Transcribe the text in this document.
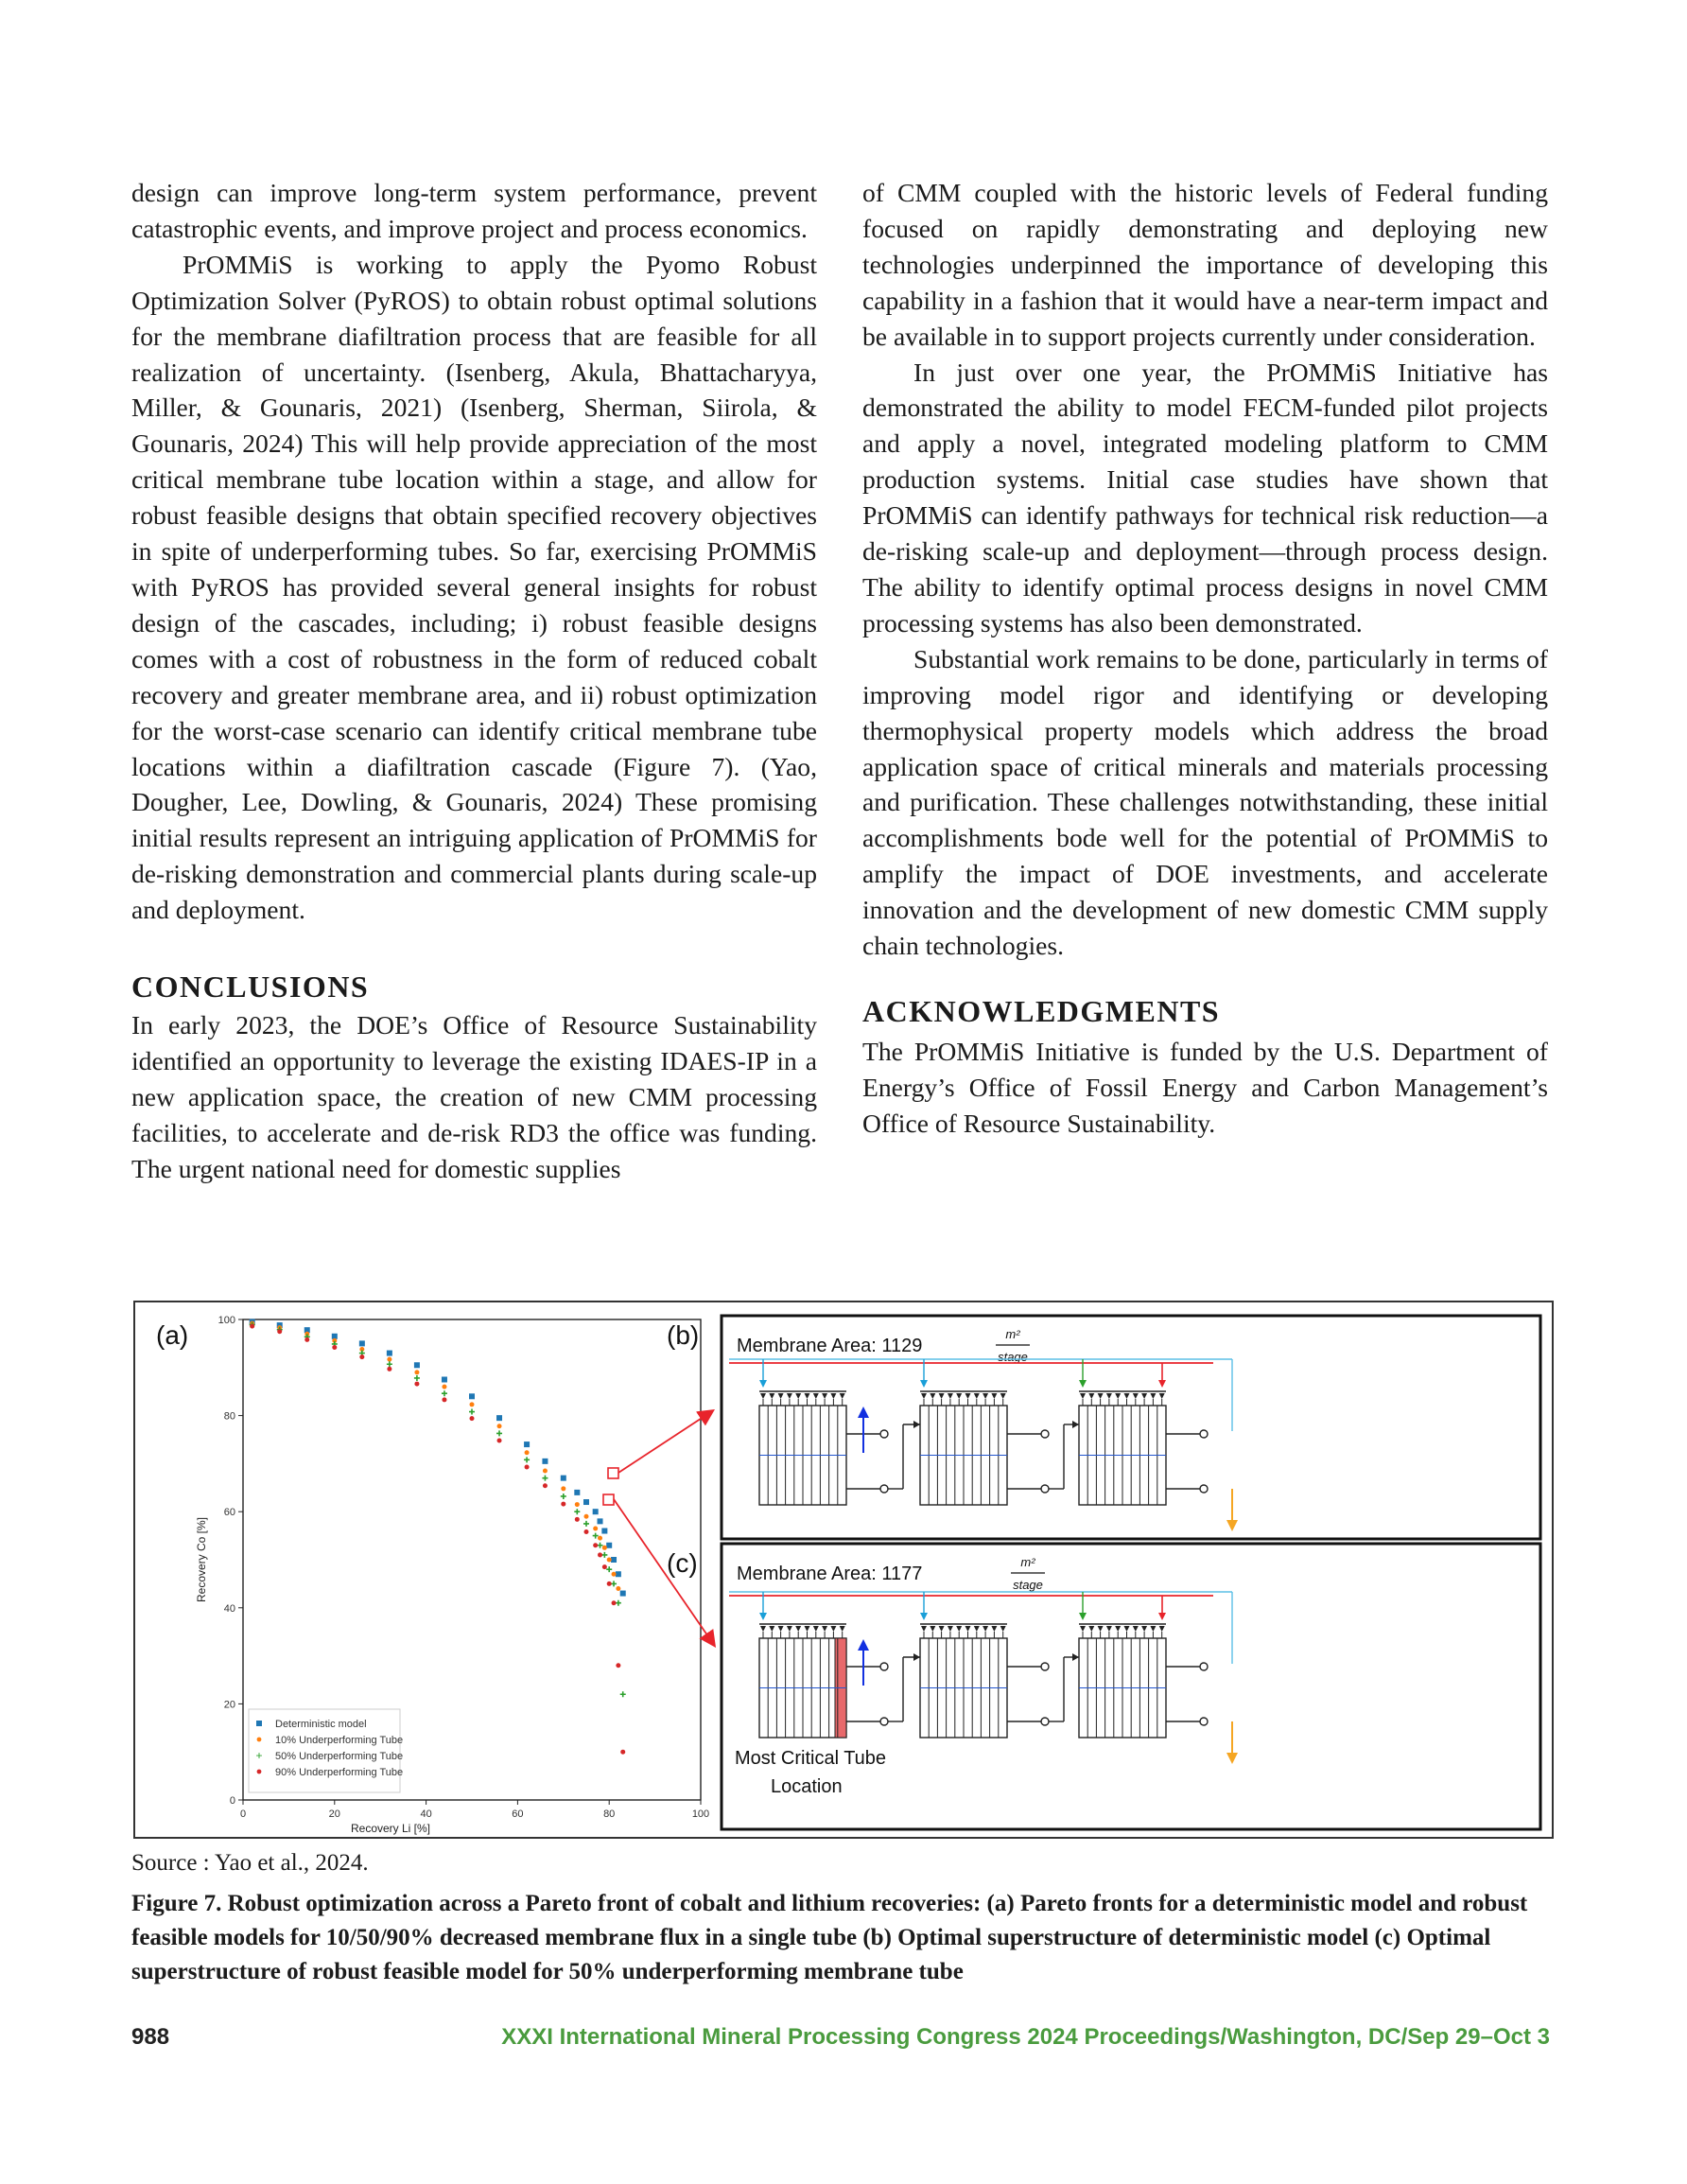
design can improve long-term system performance, prevent catastrophic events, and improve project and process economics.

PrOMMiS is working to apply the Pyomo Robust Optimization Solver (PyROS) to obtain robust optimal solutions for the membrane diafiltration process that are feasible for all realization of uncertainty. (Isenberg, Akula, Bhattacharyya, Miller, & Gounaris, 2021) (Isenberg, Sherman, Siirola, & Gounaris, 2024) This will help provide appreciation of the most critical membrane tube location within a stage, and allow for robust feasible designs that obtain specified recovery objectives in spite of underperforming tubes. So far, exercising PrOMMiS with PyROS has provided several general insights for robust design of the cascades, including; i) robust feasible designs comes with a cost of robustness in the form of reduced cobalt recovery and greater membrane area, and ii) robust optimization for the worst-case scenario can identify critical membrane tube locations within a diafiltration cascade (Figure 7). (Yao, Dougher, Lee, Dowling, & Gounaris, 2024) These promising initial results represent an intriguing application of PrOMMiS for de-risking demonstration and commercial plants during scale-up and deployment.

CONCLUSIONS

In early 2023, the DOE’s Office of Resource Sustainability identified an opportunity to leverage the existing IDAES-IP in a new application space, the creation of new CMM processing facilities, to accelerate and de-risk RD3 the office was funding. The urgent national need for domestic supplies

of CMM coupled with the historic levels of Federal funding focused on rapidly demonstrating and deploying new technologies underpinned the importance of developing this capability in a fashion that it would have a near-term impact and be available in to support projects currently under consideration.

In just over one year, the PrOMMiS Initiative has demonstrated the ability to model FECM-funded pilot projects and apply a novel, integrated modeling platform to CMM production systems. Initial case studies have shown that PrOMMiS can identify pathways for technical risk reduction—a de-risking scale-up and deployment—through process design. The ability to identify optimal process designs in novel CMM processing systems has also been demonstrated.

Substantial work remains to be done, particularly in terms of improving model rigor and identifying or developing thermophysical property models which address the broad application space of critical minerals and materials processing and purification. These challenges notwithstanding, these initial accomplishments bode well for the potential of PrOMMiS to amplify the impact of DOE investments, and accelerate innovation and the development of new domestic CMM supply chain technologies.

ACKNOWLEDGMENTS

The PrOMMiS Initiative is funded by the U.S. Department of Energy’s Office of Fossil Energy and Carbon Management’s Office of Resource Sustainability.

(a)
0	20	40	60	80	100
0
20
40
60
80
100
Recovery Li [%]
Recovery Co [%]
Deterministic model
10% Underperforming Tube
+ 50% Underperforming Tube
90% Underperforming Tube
(b)
(c)
Membrane Area: 1129
m²
stage
Membrane Area: 1177
m²
stage
Most Critical Tube
Location
Source : Yao et al., 2024.
Figure 7. Robust optimization across a Pareto front of cobalt and lithium recoveries: (a) Pareto fronts for a deterministic model and robust feasible models for 10/50/90% decreased membrane flux in a single tube (b) Optimal superstructure of deterministic model (c) Optimal superstructure of robust feasible model for 50% underperforming membrane tube
988	XXXI International Mineral Processing Congress 2024 Proceedings/Washington, DC/Sep 29–Oct 3
